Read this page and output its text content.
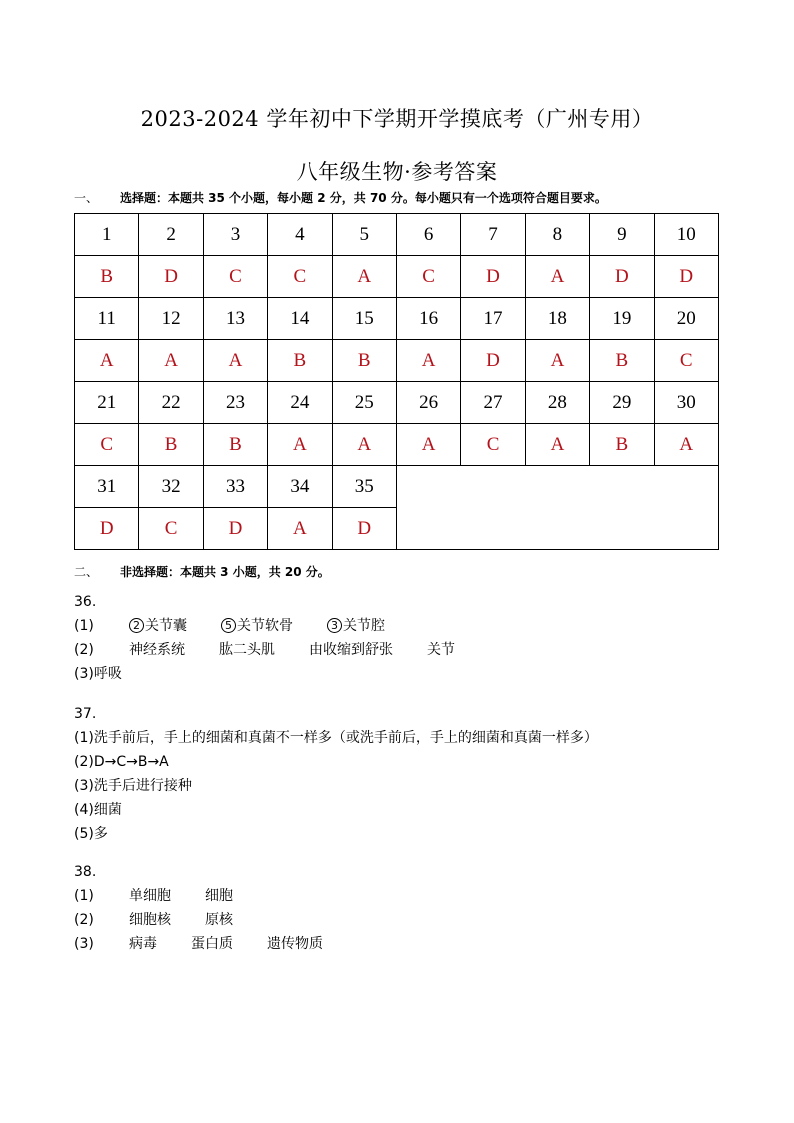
2023-2024 学年初中下学期开学摸底考（广州专用）
八年级生物·参考答案
一、 选择题：本题共 35 个小题，每小题 2 分，共 70 分。每小题只有一个选项符合题目要求。
1	2	3	4	5	6	7	8	9	10
B	D	C	C	A	C	D	A	D	D
11	12	13	14	15	16	17	18	19	20
A	A	A	B	B	A	D	A	B	C
21	22	23	24	25	26	27	28	29	30
C	B	B	A	A	A	C	A	B	A
31	32	33	34	35					
D	C	D	A	D					
二、 非选择题：本题共 3 小题，共 20 分。
36.
(1)	2 关节囊	5 关节软骨	3 关节腔
(2)	神经系统 肱二头肌 由收缩到舒张 关节
(3)呼吸
37.
(1)洗手前后，手上的细菌和真菌不一样多（或洗手前后，手上的细菌和真菌一样多）
(2)D→C→B→A
(3)洗手后进行接种
(4)细菌
(5)多
38.
(1)	单细胞 细胞
(2)	细胞核 原核
(3)	病毒 蛋白质 遗传物质
